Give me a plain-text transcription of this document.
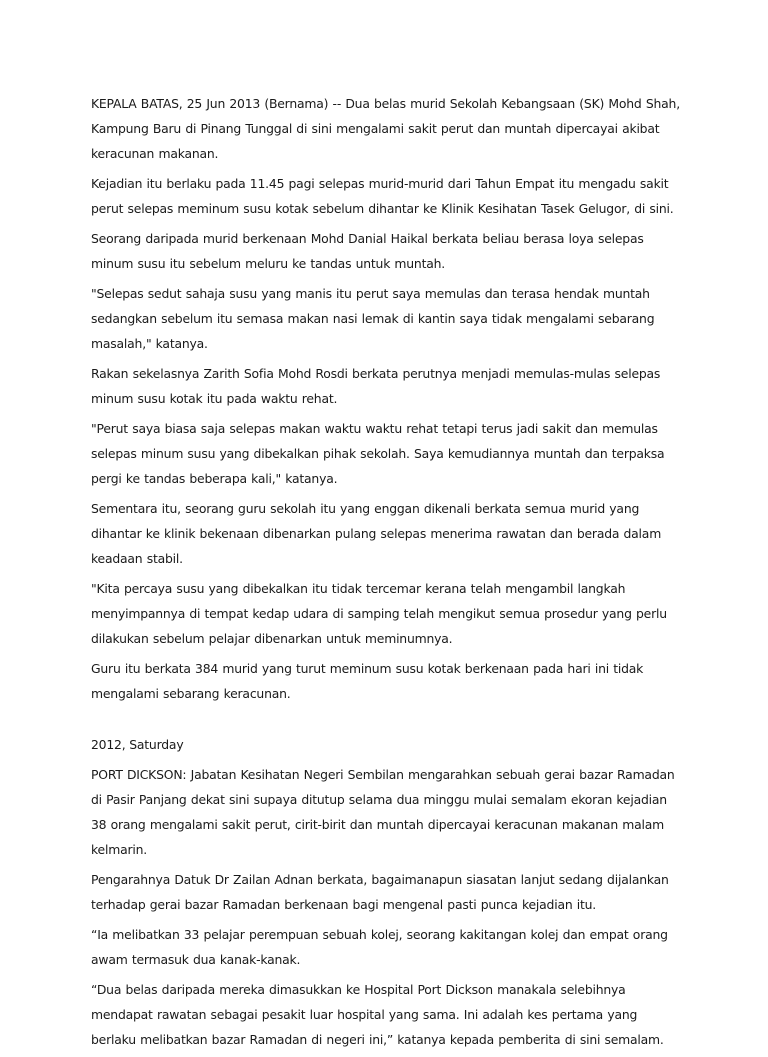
KEPALA BATAS, 25 Jun 2013 (Bernama) -- Dua belas murid Sekolah Kebangsaan (SK) Mohd Shah, Kampung Baru di Pinang Tunggal di sini mengalami sakit perut dan muntah dipercayai akibat keracunan makanan.

Kejadian itu berlaku pada 11.45 pagi selepas murid-murid dari Tahun Empat itu mengadu sakit perut selepas meminum susu kotak sebelum dihantar ke Klinik Kesihatan Tasek Gelugor, di sini.

Seorang daripada murid berkenaan Mohd Danial Haikal berkata beliau berasa loya selepas minum susu itu sebelum meluru ke tandas untuk muntah.

"Selepas sedut sahaja susu yang manis itu perut saya memulas dan terasa hendak muntah sedangkan sebelum itu semasa makan nasi lemak di kantin saya tidak mengalami sebarang masalah," katanya.

Rakan sekelasnya Zarith Sofia Mohd Rosdi berkata perutnya menjadi memulas-mulas selepas minum susu kotak itu pada waktu rehat.

"Perut saya biasa saja selepas makan waktu waktu rehat tetapi terus jadi sakit dan memulas selepas minum susu yang dibekalkan pihak sekolah. Saya kemudiannya muntah dan terpaksa pergi ke tandas beberapa kali," katanya.

Sementara itu, seorang guru sekolah itu yang enggan dikenali berkata semua murid yang dihantar ke klinik bekenaan dibenarkan pulang selepas menerima rawatan dan berada dalam keadaan stabil.

"Kita percaya susu yang dibekalkan itu tidak tercemar kerana telah mengambil langkah menyimpannya di tempat kedap udara di samping telah mengikut semua prosedur yang perlu dilakukan sebelum pelajar dibenarkan untuk meminumnya.

Guru itu berkata 384 murid yang turut meminum susu kotak berkenaan pada hari ini tidak mengalami sebarang keracunan.

2012, Saturday

PORT DICKSON: Jabatan Kesihatan Negeri Sembilan mengarahkan sebuah gerai bazar Ramadan di Pasir Panjang dekat sini supaya ditutup selama dua minggu mulai semalam ekoran kejadian 38 orang mengalami sakit perut, cirit-birit dan muntah dipercayai keracunan makanan malam kelmarin.

Pengarahnya Datuk Dr Zailan Adnan berkata, bagaimanapun siasatan lanjut sedang dijalankan terhadap gerai bazar Ramadan berkenaan bagi mengenal pasti punca kejadian itu.

“Ia melibatkan 33 pelajar perempuan sebuah kolej, seorang kakitangan kolej dan empat orang awam termasuk dua kanak-kanak.

“Dua belas daripada mereka dimasukkan ke Hospital Port Dickson manakala selebihnya mendapat rawatan sebagai pesakit luar hospital yang sama. Ini adalah kes pertama yang berlaku melibatkan bazar Ramadan di negeri ini,” katanya kepada pemberita di sini semalam.
